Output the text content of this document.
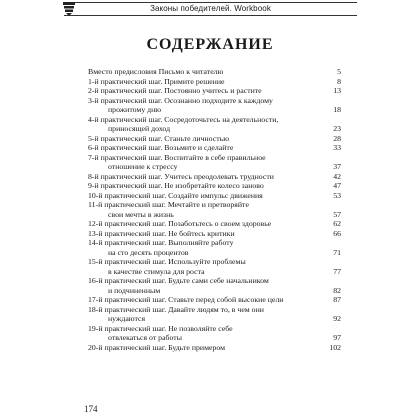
Законы победителей. Workbook
СОДЕРЖАНИЕ
Вместо предисловия Письмо к читателю	5
1-й практический шаг. Примите решение	8
2-й практический шаг. Постоянно учитесь и растите	13
3-й практический шаг. Осознанно подходите к каждому
прожитому дню	18
4-й практический шаг. Сосредоточьтесь на деятельности,
приносящей доход	23
5-й практический шаг. Станьте личностью	28
6-й практический шаг. Возьмите и сделайте	33
7-й практический шаг. Воспитайте в себе правильное
отношение к стрессу	37
8-й практический шаг. Учитесь преодолевать трудности	42
9-й практический шаг. Не изобретайте колесо заново	47
10-й практический шаг. Создайте импульс движения	53
11-й практический шаг. Мечтайте и претворяйте
свои мечты в жизнь	57
12-й практический шаг. Позаботьтесь о своем здоровье	62
13-й практический шаг. Не бойтесь критики	66
14-й практический шаг. Выполняйте работу
на сто десять процентов	71
15-й практический шаг. Используйте проблемы
в качестве стимула для роста	77
16-й практический шаг. Будьте сами себе начальником
и подчиненным	82
17-й практический шаг. Ставьте перед собой высокие цели	87
18-й практический шаг. Давайте людям то, в чем они
нуждаются	92
19-й практический шаг. Не позволяйте себе
отвлекаться от работы	97
20-й практический шаг. Будьте примером	102
174
